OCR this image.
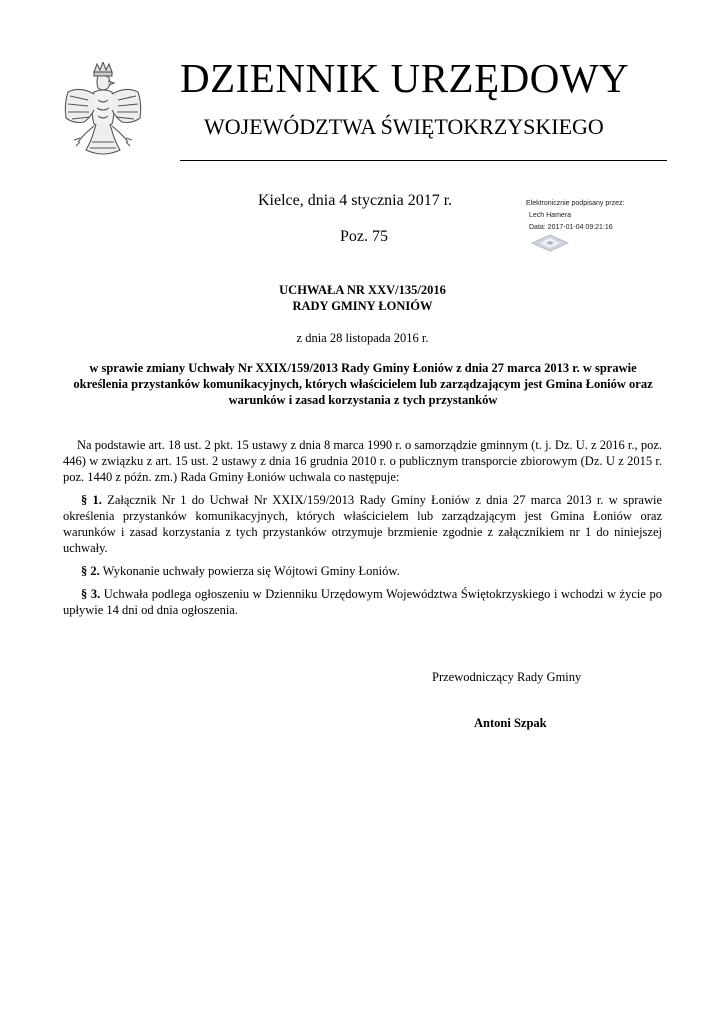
DZIENNIK URZĘDOWY
WOJEWÓDZTWA ŚWIĘTOKRZYSKIEGO
Kielce, dnia 4 stycznia 2017 r.
Poz. 75
Elektronicznie podpisany przez:
Lech Hamera
Data: 2017-01-04 09:21:16
UCHWAŁA NR XXV/135/2016
RADY GMINY ŁONIÓW
z dnia 28 listopada 2016 r.
w sprawie zmiany Uchwały Nr XXIX/159/2013 Rady Gminy Łoniów z dnia 27 marca 2013 r. w sprawie określenia przystanków komunikacyjnych, których właścicielem lub zarządzającym jest Gmina Łoniów oraz warunków i zasad korzystania z tych przystanków

Na podstawie art. 18 ust. 2 pkt. 15 ustawy z dnia 8 marca 1990 r. o samorządzie gminnym (t. j. Dz. U. z 2016 r., poz. 446) w związku z art. 15 ust. 2 ustawy z dnia 16 grudnia 2010 r. o publicznym transporcie zbiorowym (Dz. U z 2015 r. poz. 1440 z późn. zm.) Rada Gminy Łoniów uchwala co następuje:

§ 1. Załącznik Nr 1 do Uchwał Nr XXIX/159/2013 Rady Gminy Łoniów z dnia 27 marca 2013 r. w sprawie określenia przystanków komunikacyjnych, których właścicielem lub zarządzającym jest Gmina Łoniów oraz warunków i zasad korzystania z tych przystanków otrzymuje brzmienie zgodnie z załącznikiem nr 1 do niniejszej uchwały.

§ 2. Wykonanie uchwały powierza się Wójtowi Gminy Łoniów.

§ 3. Uchwała podlega ogłoszeniu w Dzienniku Urzędowym Województwa Świętokrzyskiego i wchodzi w życie po upływie 14 dni od dnia ogłoszenia.

Przewodniczący Rady Gminy
Antoni Szpak
